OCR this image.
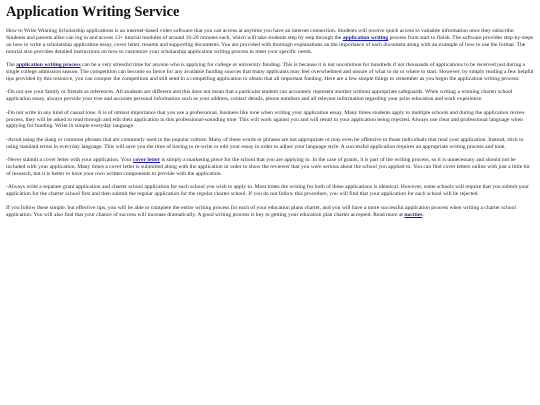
Application Writing Service

How to Write Winning Scholarship applications is an internet-based video software that you can access at anytime you have an internet connection. Students will receive quick access to valuable information once they subscribe. Students and parents alike can log in and access 12+ tutorial modules of around 10-20 minutes each, which will take students step by step through the application writing process from start to finish. The software provides step-by-steps on how to write a scholarship application essay, cover letter, resume and supporting documents. You are provided with thorough explanations on the importance of each document along with an example of how to use the format. The tutorial also provides detailed instructions on how to customize your scholarship application writing process to meet your specific needs.

The application writing process can be a very stressful time for anyone who is applying for college or university funding. This is because it is not uncommon for hundreds if not thousands of applications to be received just during a single college admission season. The competition can become so fierce for any available funding sources that many applicants may feel overwhelmed and unsure of what to do or where to start. However, by simply reading a few helpful tips provided by this resource, you can conquer the competition and still send in a compelling application to obtain that all important funding. Here are a few simple things to remember as you begin the application writing process:

-Do not use your family or friends as references. All students are different and this does not mean that a particular student can accurately represent another without appropriate safeguards. When writing a winning charter school application essay, always provide your true and accurate personal information such as your address, contact details, phone numbers and all relevant information regarding your prior education and work experience.

-Do not write in any kind of casual tone. It is of utmost importance that you use a professional, business like tone when writing your application essay. Many times students apply to multiple schools and during the application review process, they will be asked to read through and edit their application in this professional-sounding tone. This will work against you and will result in your application being rejected. Always use clear and professional language when applying for funding. Write in simple everyday language.

-Avoid using the slang or common phrases that are commonly used in the popular culture. Many of these words or phrases are not appropriate or may even be offensive to those individuals that read your application. Instead, stick to using standard terms in everyday language. This will save you the time of having to re-write or edit your essay in order to adjust your language style. A successful application requires an appropriate writing process and tone.

-Never submit a cover letter with your application. Your cover letter is simply a marketing piece for the school that you are applying to. In the case of grants, it is part of the writing process, so it is unnecessary and should not be included with your application. Many times a cover letter is submitted along with the application in order to show the reviewer that you were serious about the school you applied to. You can find cover letters online with just a little bit of research, but it is better to have your own written components to provide with the application.

-Always write a separate grant application and charter school application for each school you wish to apply to. Most times the writing for both of these applications is identical. However, some schools will require that you submit your application for the charter school first and then submit the regular application for the regular charter school. If you do not follow this procedure, you will find that your application for each school will be rejected.

If you follow these simple, but effective tips, you will be able to complete the entire writing process for each of your education plans charter, and you will have a more successful application process when writing a charter school application. You will also find that your chance of success will increase dramatically. A good writing process is key to getting your education plan charter accepted. Read more at nocities.
